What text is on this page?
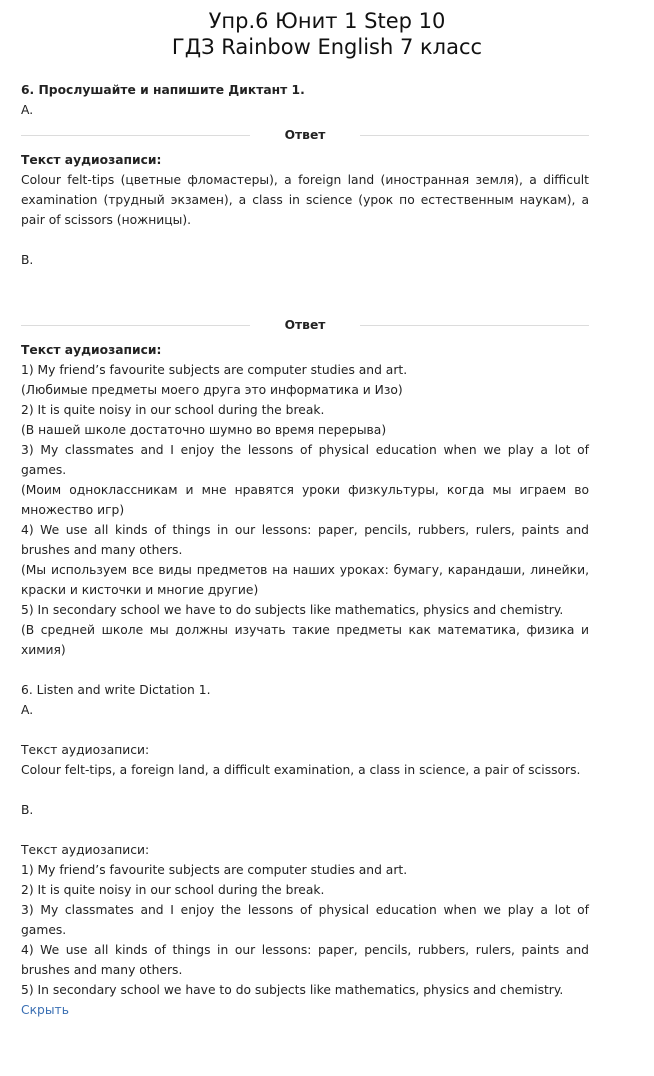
Упр.6 Юнит 1 Step 10
ГДЗ Rainbow English 7 класс

6. Прослушайте и напишите Диктант 1.

A.

Ответ

Текст аудиозаписи:

Colour felt-tips (цветные фломастеры), a foreign land (иностранная земля), a difficult examination (трудный экзамен), a class in science (урок по естественным наукам), a pair of scissors (ножницы).

B.

Ответ

Текст аудиозаписи:

1) My friend’s favourite subjects are computer studies and art.

(Любимые предметы моего друга это информатика и Изо)

2) It is quite noisy in our school during the break.

(В нашей школе достаточно шумно во время перерыва)

3) My classmates and I enjoy the lessons of physical education when we play a lot of games.

(Моим одноклассникам и мне нравятся уроки физкультуры, когда мы играем во множество игр)

4) We use all kinds of things in our lessons: paper, pencils, rubbers, rulers, paints and brushes and many others.

(Мы используем все виды предметов на наших уроках: бумагу, карандаши, линейки, краски и кисточки и многие другие)

5) In secondary school we have to do subjects like mathematics, physics and chemistry.

(В средней школе мы должны изучать такие предметы как математика, физика и химия)

6. Listen and write Dictation 1.

A.

Текст аудиозаписи:

Colour felt-tips, a foreign land, a difficult examination, a class in science, a pair of scissors.

B.

Текст аудиозаписи:

1) My friend’s favourite subjects are computer studies and art.

2) It is quite noisy in our school during the break.

3) My classmates and I enjoy the lessons of physical education when we play a lot of games.

4) We use all kinds of things in our lessons: paper, pencils, rubbers, rulers, paints and brushes and many others.

5) In secondary school we have to do subjects like mathematics, physics and chemistry.

Скрыть
